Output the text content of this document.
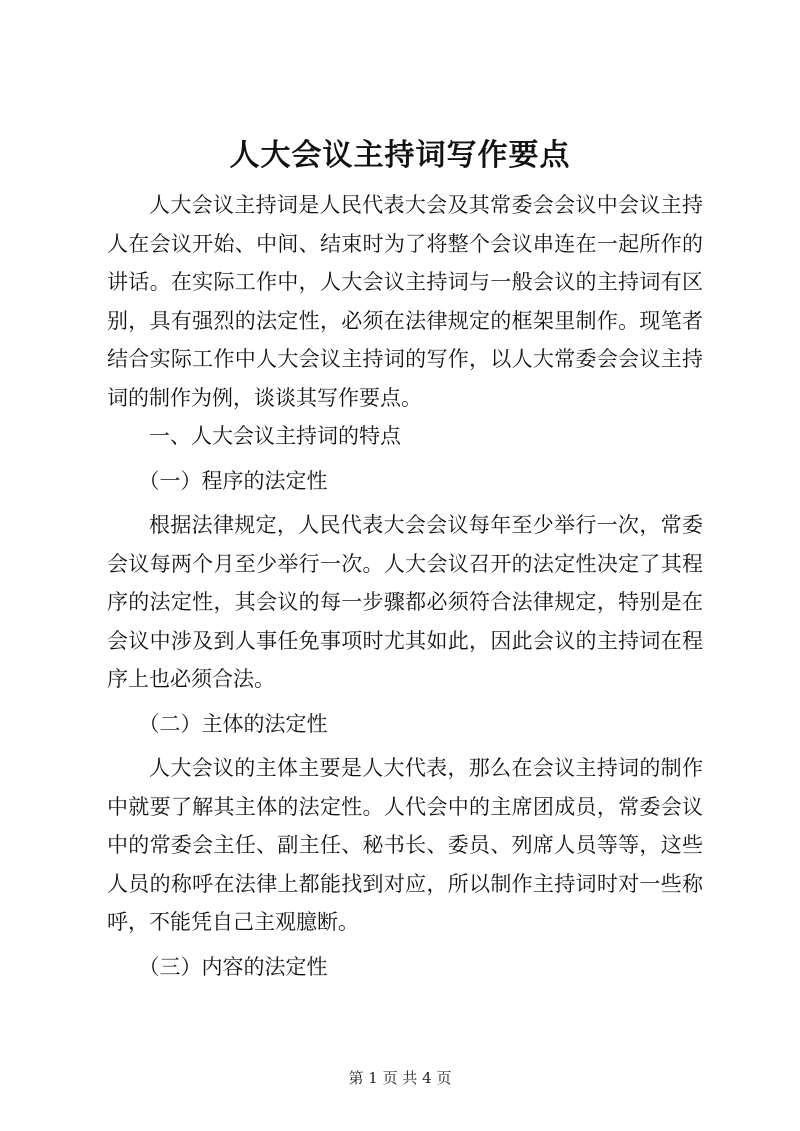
人大会议主持词写作要点

人大会议主持词是人民代表大会及其常委会会议中会议主持人在会议开始、中间、结束时为了将整个会议串连在一起所作的讲话。在实际工作中，人大会议主持词与一般会议的主持词有区别，具有强烈的法定性，必须在法律规定的框架里制作。现笔者结合实际工作中人大会议主持词的写作，以人大常委会会议主持词的制作为例，谈谈其写作要点。

一、人大会议主持词的特点

（一）程序的法定性

根据法律规定，人民代表大会会议每年至少举行一次，常委会议每两个月至少举行一次。人大会议召开的法定性决定了其程序的法定性，其会议的每一步骤都必须符合法律规定，特别是在会议中涉及到人事任免事项时尤其如此，因此会议的主持词在程序上也必须合法。

（二）主体的法定性

人大会议的主体主要是人大代表，那么在会议主持词的制作中就要了解其主体的法定性。人代会中的主席团成员，常委会议中的常委会主任、副主任、秘书长、委员、列席人员等等，这些人员的称呼在法律上都能找到对应，所以制作主持词时对一些称呼，不能凭自己主观臆断。

（三）内容的法定性

第 1 页 共 4 页
